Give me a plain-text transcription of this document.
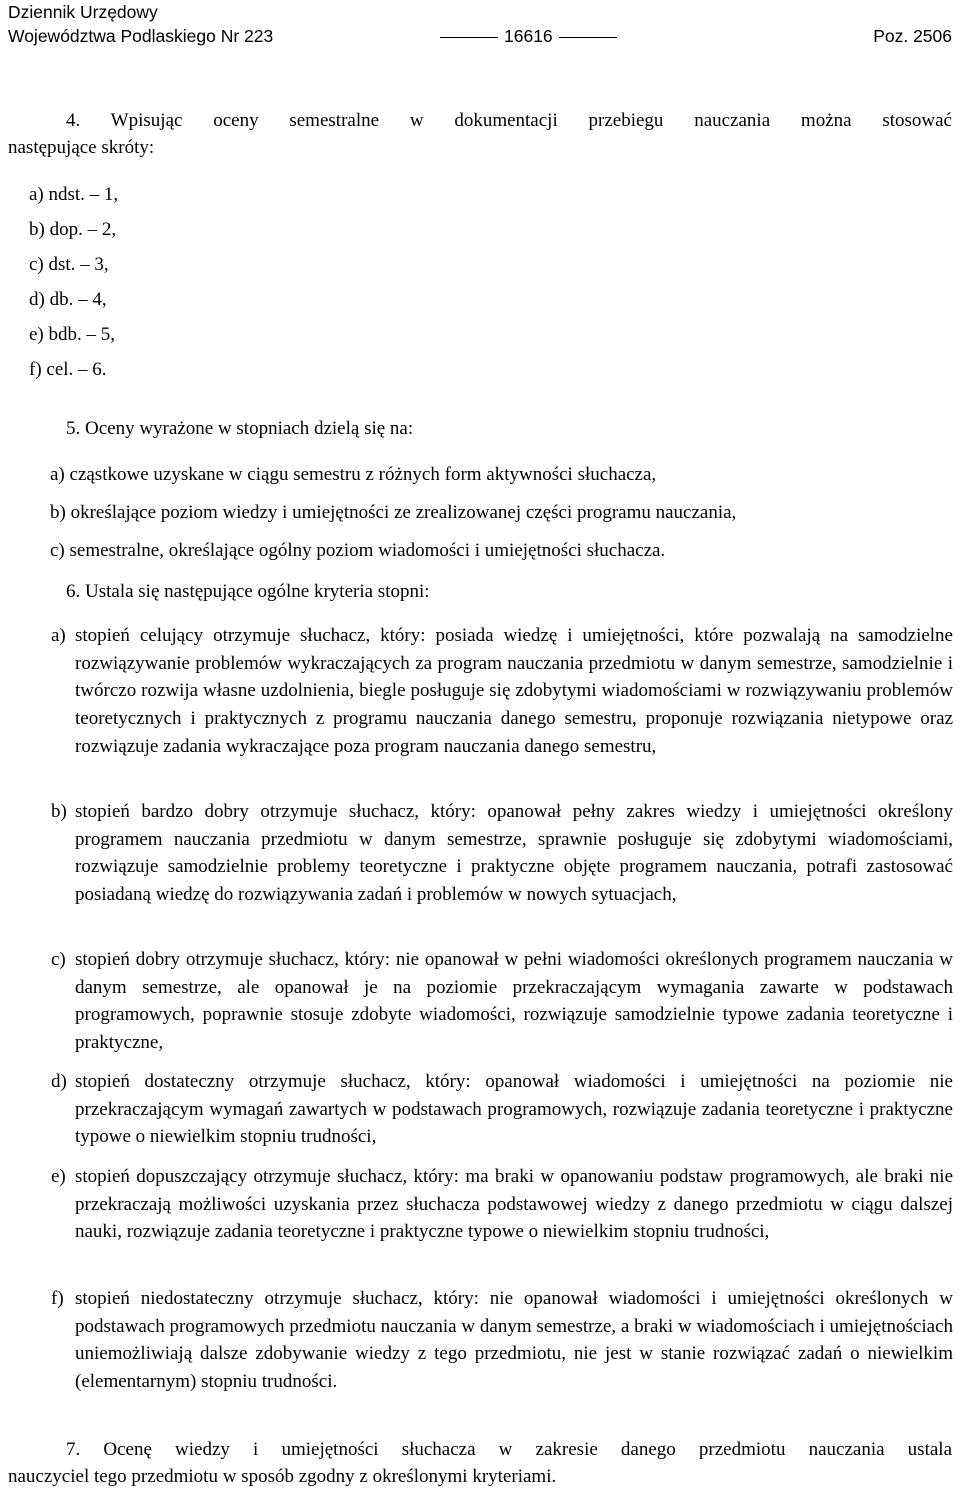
Dziennik Urzędowy
Województwa Podlaskiego Nr 223	16616	Poz. 2506
4. Wpisując oceny semestralne w dokumentacji przebiegu nauczania można stosować
następujące skróty:
a) ndst. – 1,
b) dop. – 2,
c) dst. – 3,
d) db. – 4,
e) bdb. – 5,
f) cel. – 6.
5. Oceny wyrażone w stopniach dzielą się na:
a) cząstkowe uzyskane w ciągu semestru z różnych form aktywności słuchacza,
b) określające poziom wiedzy i umiejętności ze zrealizowanej części programu nauczania,
c) semestralne, określające ogólny poziom wiadomości i umiejętności słuchacza.
6. Ustala się następujące ogólne kryteria stopni:
a) stopień celujący otrzymuje słuchacz, który: posiada wiedzę i umiejętności, które pozwalają na samodzielne rozwiązywanie problemów wykraczających za program nauczania przedmiotu w danym semestrze, samodzielnie i twórczo rozwija własne uzdolnienia, biegle posługuje się zdobytymi wiadomościami w rozwiązywaniu problemów teoretycznych i praktycznych z programu nauczania danego semestru, proponuje rozwiązania nietypowe oraz rozwiązuje zadania wykraczające poza program nauczania danego semestru,
b) stopień bardzo dobry otrzymuje słuchacz, który: opanował pełny zakres wiedzy i umiejętności określony programem nauczania przedmiotu w danym semestrze, sprawnie posługuje się zdobytymi wiadomościami, rozwiązuje samodzielnie problemy teoretyczne i praktyczne objęte programem nauczania, potrafi zastosować posiadaną wiedzę do rozwiązywania zadań i problemów w nowych sytuacjach,
c) stopień dobry otrzymuje słuchacz, który: nie opanował w pełni wiadomości określonych programem nauczania w danym semestrze, ale opanował je na poziomie przekraczającym wymagania zawarte w podstawach programowych, poprawnie stosuje zdobyte wiadomości, rozwiązuje samodzielnie typowe zadania teoretyczne i praktyczne,
d) stopień dostateczny otrzymuje słuchacz, który: opanował wiadomości i umiejętności na poziomie nie przekraczającym wymagań zawartych w podstawach programowych, rozwiązuje zadania teoretyczne i praktyczne typowe o niewielkim stopniu trudności,
e) stopień dopuszczający otrzymuje słuchacz, który: ma braki w opanowaniu podstaw programowych, ale braki nie przekraczają możliwości uzyskania przez słuchacza podstawowej wiedzy z danego przedmiotu w ciągu dalszej nauki, rozwiązuje zadania teoretyczne i praktyczne typowe o niewielkim stopniu trudności,
f) stopień niedostateczny otrzymuje słuchacz, który: nie opanował wiadomości i umiejętności określonych w podstawach programowych przedmiotu nauczania w danym semestrze, a braki w wiadomościach i umiejętnościach uniemożliwiają dalsze zdobywanie wiedzy z tego przedmiotu, nie jest w stanie rozwiązać zadań o niewielkim (elementarnym) stopniu trudności.
7. Ocenę wiedzy i umiejętności słuchacza w zakresie danego przedmiotu nauczania ustala
nauczyciel tego przedmiotu w sposób zgodny z określonymi kryteriami.
